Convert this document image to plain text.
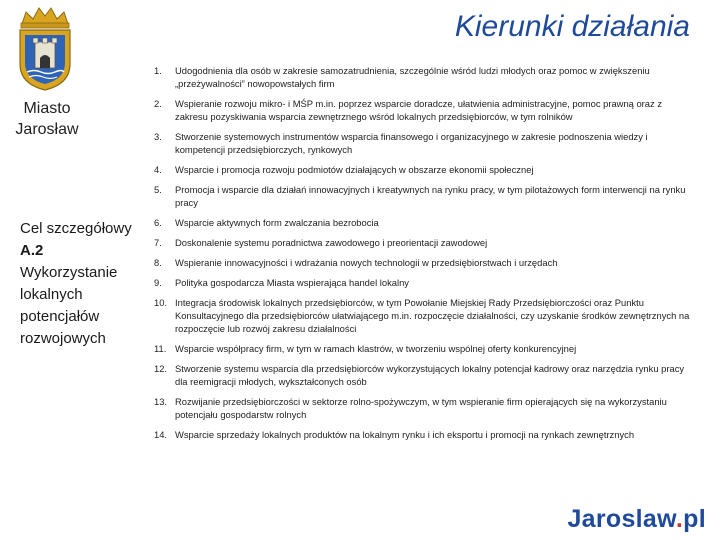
Miasto
Jarosław
Kierunki działania
Cel szczegółowy
A.2
Wykorzystanie
lokalnych
potencjałów
rozwojowych
1. Udogodnienia dla osób w zakresie samozatrudnienia, szczególnie wśród ludzi młodych oraz pomoc w zwiększeniu „przeżywalności” nowopowstałych firm
2. Wspieranie rozwoju mikro- i MŚP m.in. poprzez wsparcie doradcze, ułatwienia administracyjne, pomoc prawną oraz z zakresu pozyskiwania wsparcia zewnętrznego wśród lokalnych przedsiębiorców, w tym rolników
3. Stworzenie systemowych instrumentów wsparcia finansowego i organizacyjnego w zakresie podnoszenia wiedzy i kompetencji przedsiębiorczych, rynkowych
4. Wsparcie i promocja rozwoju podmiotów działających w obszarze ekonomii społecznej
5. Promocja i wsparcie dla działań innowacyjnych i kreatywnych na rynku pracy, w tym pilotażowych form interwencji na rynku pracy
6. Wsparcie aktywnych form zwalczania bezrobocia
7. Doskonalenie systemu poradnictwa zawodowego i preorientacji zawodowej
8. Wspieranie innowacyjności i wdrażania nowych technologii w przedsiębiorstwach i urzędach
9. Polityka gospodarcza Miasta wspierająca handel lokalny
10. Integracja środowisk lokalnych przedsiębiorców, w tym Powołanie Miejskiej Rady Przedsiębiorczości oraz Punktu Konsultacyjnego dla przedsiębiorców ułatwiającego m.in. rozpoczęcie działalności, czy uzyskanie środków zewnętrznych na rozpoczęcie lub rozwój zakresu działalności
11. Wsparcie współpracy firm, w tym w ramach klastrów, w tworzeniu wspólnej oferty konkurencyjnej
12. Stworzenie systemu wsparcia dla przedsiębiorców wykorzystujących lokalny potencjał kadrowy oraz narzędzia rynku pracy dla reemigracji młodych, wykształconych osób
13. Rozwijanie przedsiębiorczości w sektorze rolno-spożywczym, w tym wspieranie firm opierających się na wykorzystaniu potencjału gospodarstw rolnych
14. Wsparcie sprzedaży lokalnych produktów na lokalnym rynku i ich eksportu i promocji na rynkach zewnętrznych
Jaroslaw.pl
